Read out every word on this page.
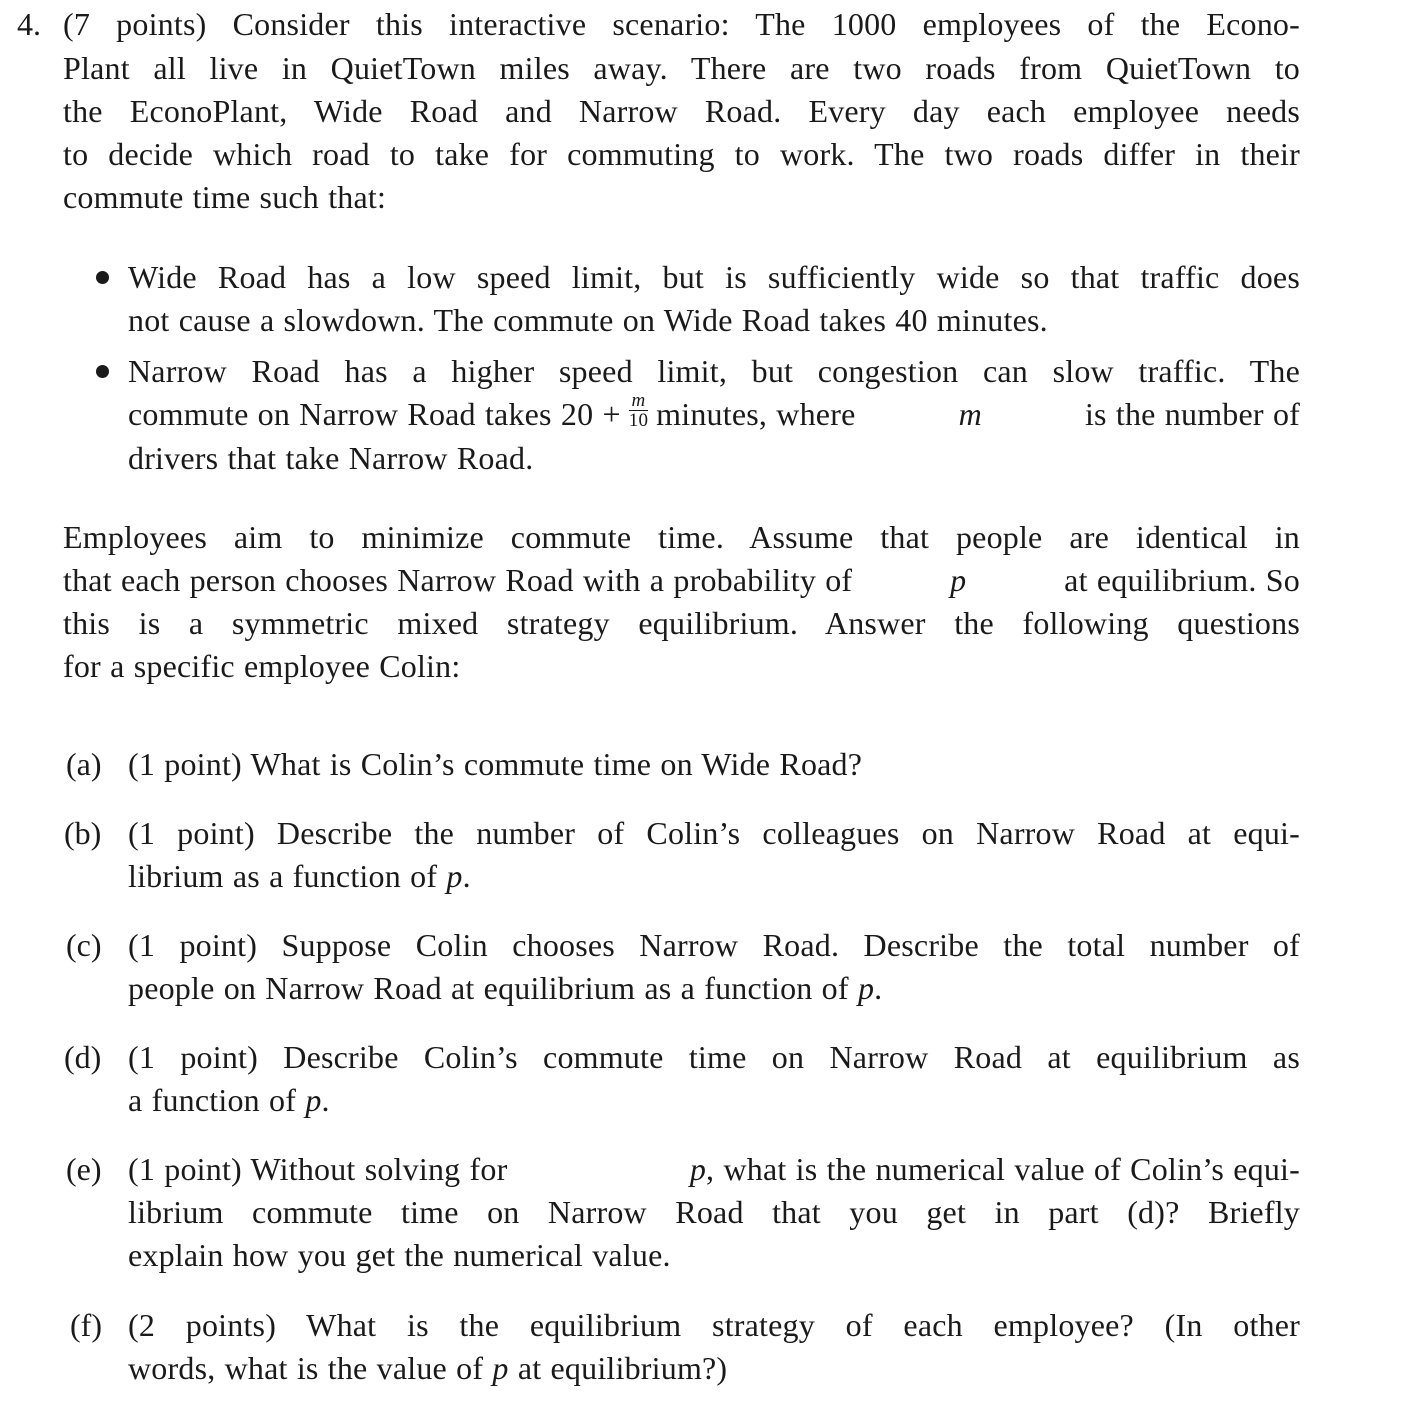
4. (7 points) Consider this interactive scenario: The 1000 employees of the Econo-
Plant all live in QuietTown miles away. There are two roads from QuietTown to
the EconoPlant, Wide Road and Narrow Road. Every day each employee needs
to decide which road to take for commuting to work. The two roads differ in their
commute time such that:
Wide Road has a low speed limit, but is sufficiently wide so that traffic does
not cause a slowdown. The commute on Wide Road takes 40 minutes.
Narrow Road has a higher speed limit, but congestion can slow traffic. The
commute on Narrow Road takes $20 + \frac{m}{10}$ minutes, where	m	is the number of
drivers that take Narrow Road.
Employees aim to minimize commute time. Assume that people are identical in
that each person chooses Narrow Road with a probability of	p	at equilibrium. So
this is a symmetric mixed strategy equilibrium. Answer the following questions
for a specific employee Colin:
(a) (1 point) What is Colin’s commute time on Wide Road?
(b) (1 point) Describe the number of Colin’s colleagues on Narrow Road at equi-
librium as a function of p.
(c) (1 point) Suppose Colin chooses Narrow Road. Describe the total number of
people on Narrow Road at equilibrium as a function of p.
(d) (1 point) Describe Colin’s commute time on Narrow Road at equilibrium as
a function of p.
(e) (1 point) Without solving for	p , what is the numerical value of Colin’s equi-
librium commute time on Narrow Road that you get in part (d)? Briefly
explain how you get the numerical value.
(f) (2 points) What is the equilibrium strategy of each employee? (In other
words, what is the value of p at equilibrium?)
